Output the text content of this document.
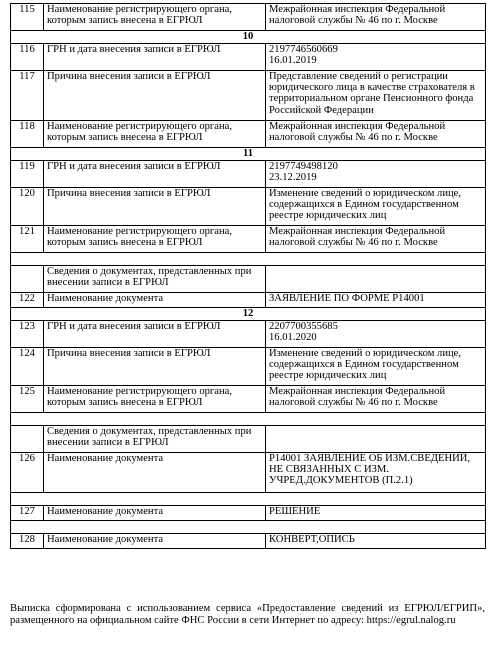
115	Наименование регистрирующего органа, которым запись внесена в ЕГРЮЛ	Межрайонная инспекция Федеральной налоговой службы № 46 по г. Москве
10		
116	ГРН и дата внесения записи в ЕГРЮЛ	2197746560669
16.01.2019
117	Причина внесения записи в ЕГРЮЛ	Представление сведений о регистрации юридического лица в качестве страхователя в территориальном органе Пенсионного фонда Российской Федерации
118	Наименование регистрирующего органа, которым запись внесена в ЕГРЮЛ	Межрайонная инспекция Федеральной налоговой службы № 46 по г. Москве
11		
119	ГРН и дата внесения записи в ЕГРЮЛ	2197749498120
23.12.2019
120	Причина внесения записи в ЕГРЮЛ	Изменение сведений о юридическом лице, содержащихся в Едином государственном реестре юридических лиц
121	Наименование регистрирующего органа, которым запись внесена в ЕГРЮЛ	Межрайонная инспекция Федеральной налоговой службы № 46 по г. Москве

	Сведения о документах, представленных при внесении записи в ЕГРЮЛ	
122	Наименование документа	ЗАЯВЛЕНИЕ ПО ФОРМЕ Р14001
12		
123	ГРН и дата внесения записи в ЕГРЮЛ	2207700355685
16.01.2020
124	Причина внесения записи в ЕГРЮЛ	Изменение сведений о юридическом лице, содержащихся в Едином государственном реестре юридических лиц
125	Наименование регистрирующего органа, которым запись внесена в ЕГРЮЛ	Межрайонная инспекция Федеральной налоговой службы № 46 по г. Москве

	Сведения о документах, представленных при внесении записи в ЕГРЮЛ	
126	Наименование документа	Р14001 ЗАЯВЛЕНИЕ ОБ ИЗМ.СВЕДЕНИЙ, НЕ СВЯЗАННЫХ С ИЗМ. УЧРЕД.ДОКУМЕНТОВ (П.2.1)

127	Наименование документа	РЕШЕНИЕ

128	Наименование документа	КОНВЕРТ,ОПИСЬ
Выписка сформирована с использованием сервиса «Предоставление сведений из ЕГРЮЛ/ЕГРИП», размещенного на официальном сайте ФНС России в сети Интернет по адресу: https://egrul.nalog.ru
